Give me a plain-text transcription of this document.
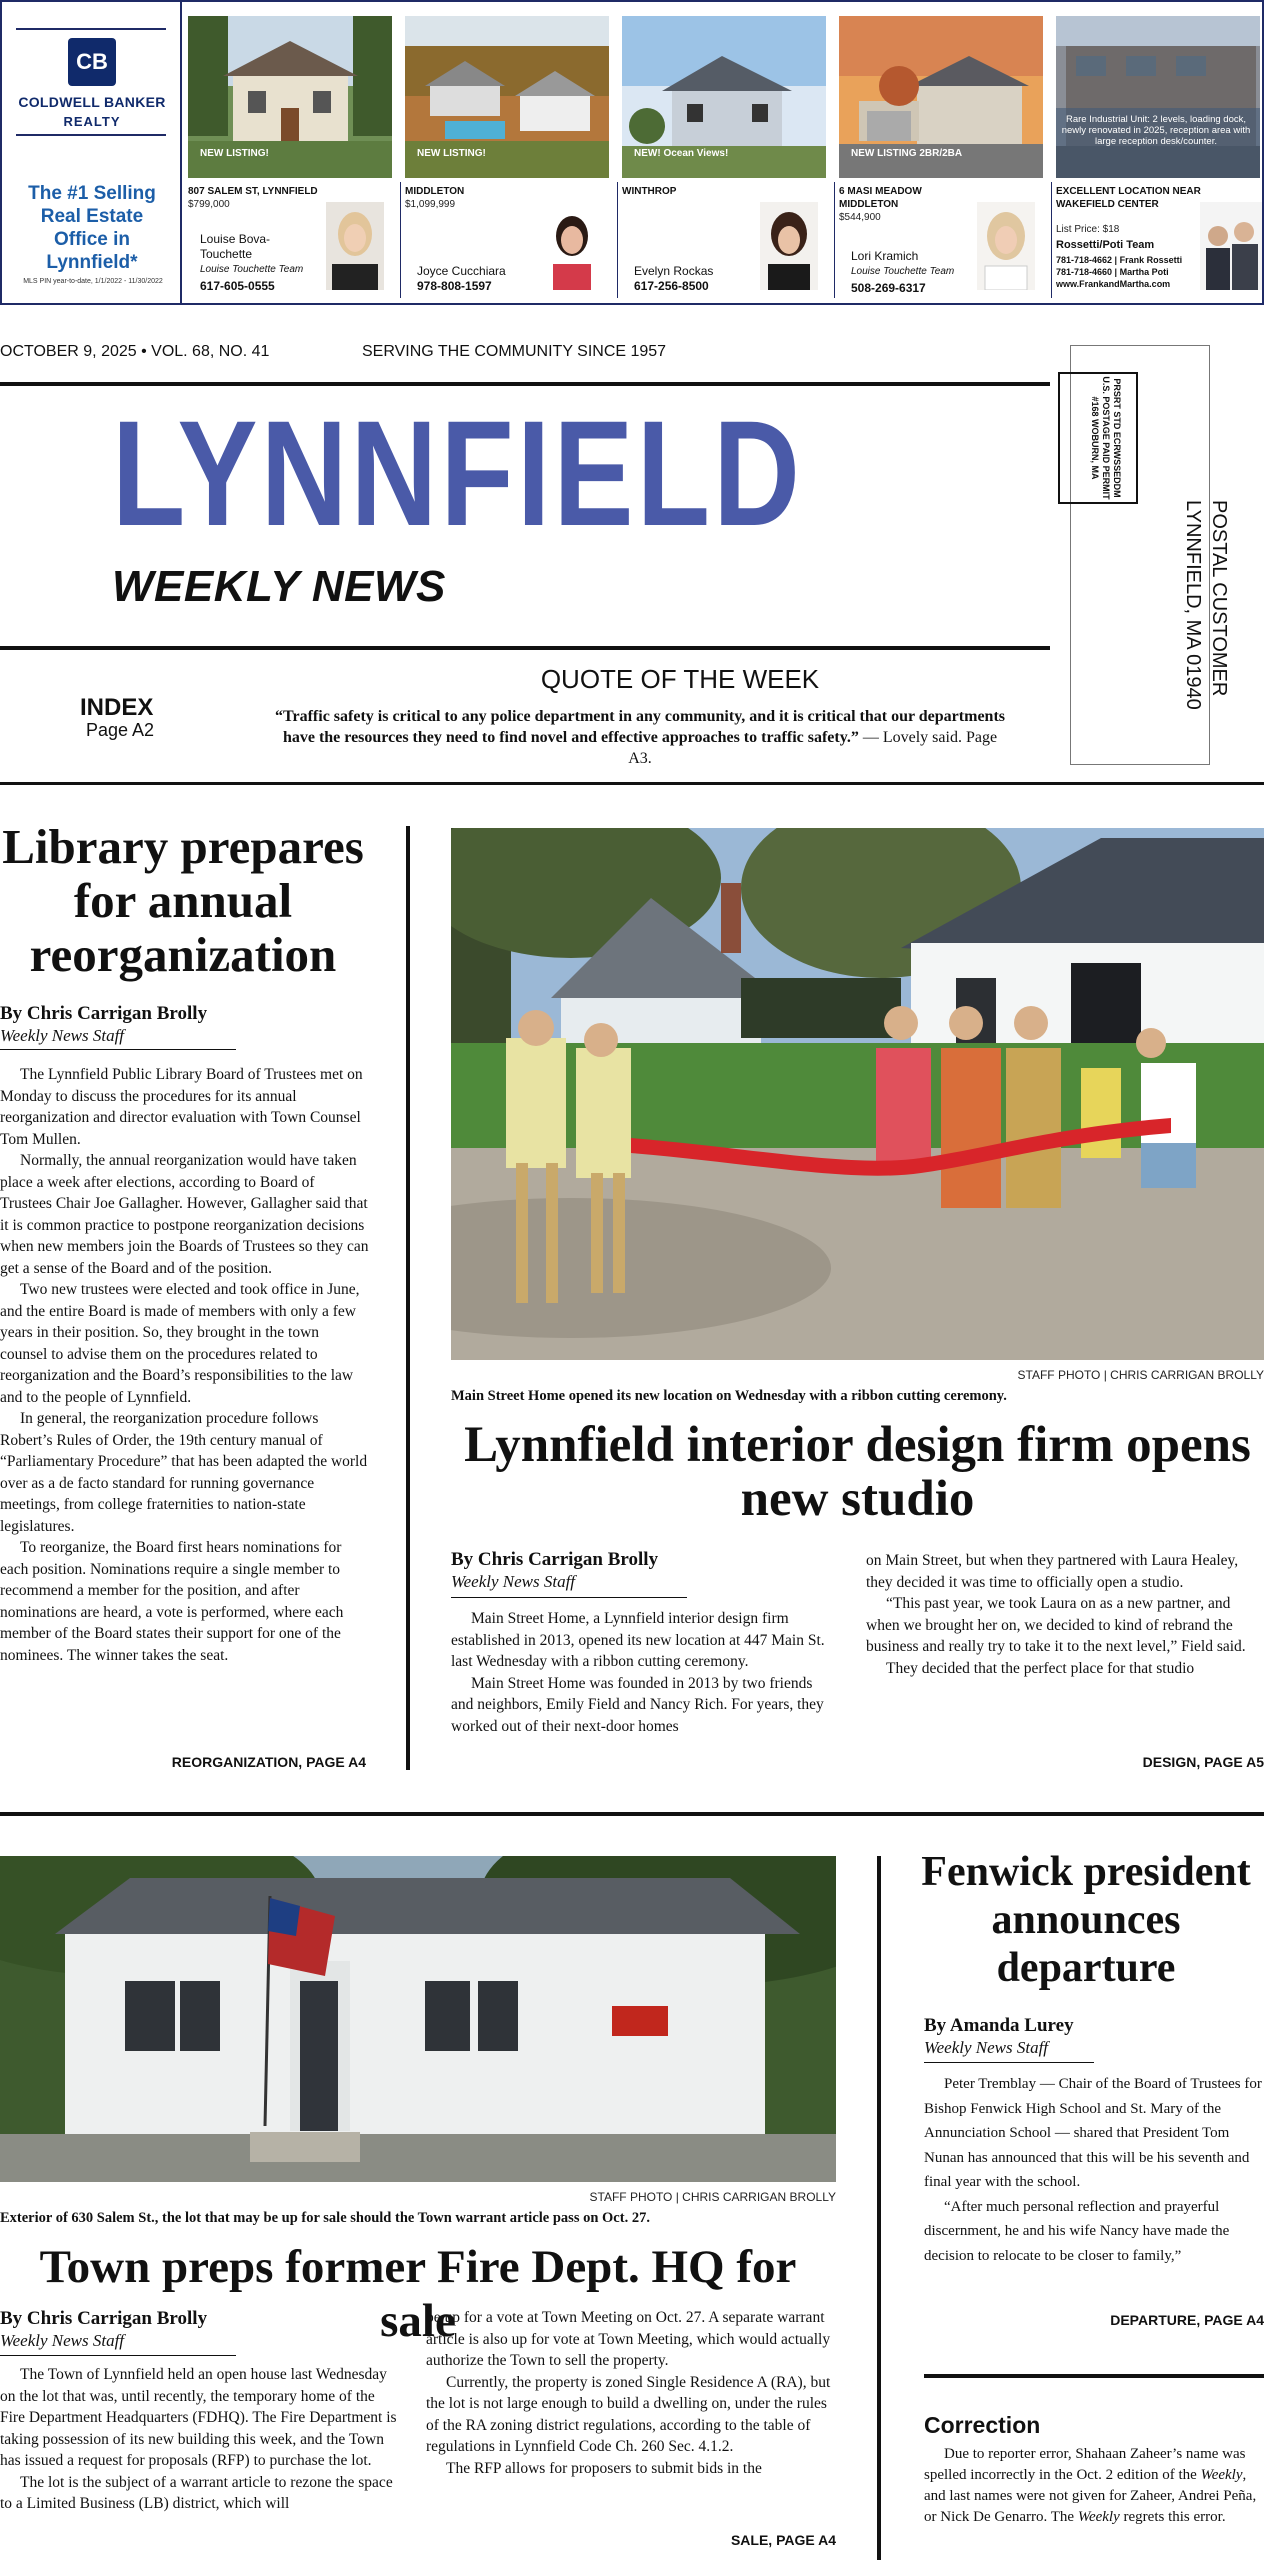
CB
COLDWELL BANKER
REALTY
The #1 Selling Real Estate Office in Lynnfield*
MLS PIN year-to-date, 1/1/2022 - 11/30/2022
NEW LISTING!
807 SALEM ST, LYNNFIELD
$799,000
Louise Bova-Touchette
Louise Touchette Team
617-605-0555
NEW LISTING!
MIDDLETON
$1,099,999
Joyce Cucchiara
978-808-1597
NEW! Ocean Views!
WINTHROP
Evelyn Rockas
617-256-8500
NEW LISTING 2BR/2BA
6 MASI MEADOW MIDDLETON
$544,900
Lori Kramich
Louise Touchette Team
508-269-6317
Rare Industrial Unit: 2 levels, loading dock, newly renovated in 2025, reception area with large reception desk/counter.
EXCELLENT LOCATION NEAR WAKEFIELD CENTER
List Price: $18
Rossetti/Poti Team
781-718-4662 | Frank Rossetti 781-718-4660 | Martha Poti www.FrankandMartha.com
OCTOBER 9, 2025 • VOL. 68, NO. 41	SERVING THE COMMUNITY SINCE 1957
LYNNFIELD
WEEKLY NEWS
INDEX
Page A2
QUOTE OF THE WEEK
“Traffic safety is critical to any police department in any community, and it is critical that our departments have the resources they need to find novel and effective approaches to traffic safety.” — Lovely said. Page A3.
PRSRT STD ECRWSSEDDM U.S. POSTAGE PAID PERMIT #168 WOBURN, MA
POSTAL CUSTOMER
LYNNFIELD, MA 01940
Library prepares for annual reorganization
By Chris Carrigan Brolly
Weekly News Staff

The Lynnfield Public Library Board of Trustees met on Monday to discuss the procedures for its annual reorganization and director evaluation with Town Counsel Tom Mullen.

Normally, the annual reorganization would have taken place a week after elections, according to Board of Trustees Chair Joe Gallagher. However, Gallagher said that it is common practice to postpone reorganization decisions when new members join the Boards of Trustees so they can get a sense of the Board and of the position.

Two new trustees were elected and took office in June, and the entire Board is made of members with only a few years in their position. So, they brought in the town counsel to advise them on the procedures related to reorganization and the Board’s responsibilities to the law and to the people of Lynnfield.

In general, the reorganization procedure follows Robert’s Rules of Order, the 19th century manual of “Parliamentary Procedure” that has been adapted the world over as a de facto standard for running governance meetings, from college fraternities to nation-state legislatures.

To reorganize, the Board first hears nominations for each position. Nominations require a single member to recommend a member for the position, and after nominations are heard, a vote is performed, where each member of the Board states their support for one of the nominees. The winner takes the seat.

REORGANIZATION, PAGE A4
STAFF PHOTO | CHRIS CARRIGAN BROLLY
Main Street Home opened its new location on Wednesday with a ribbon cutting ceremony.
Lynnfield interior design firm opens new studio
By Chris Carrigan Brolly
Weekly News Staff

Main Street Home, a Lynnfield interior design firm established in 2013, opened its new location at 447 Main St. last Wednesday with a ribbon cutting ceremony.

Main Street Home was founded in 2013 by two friends and neighbors, Emily Field and Nancy Rich. For years, they worked out of their next-door homes

on Main Street, but when they partnered with Laura Healey, they decided it was time to officially open a studio.

“This past year, we took Laura on as a new partner, and when we brought her on, we decided to kind of rebrand the business and really try to take it to the next level,” Field said.

They decided that the perfect place for that studio

DESIGN, PAGE A5
STAFF PHOTO | CHRIS CARRIGAN BROLLY
Exterior of 630 Salem St., the lot that may be up for sale should the Town warrant article pass on Oct. 27.
Town preps former Fire Dept. HQ for sale
By Chris Carrigan Brolly
Weekly News Staff

The Town of Lynnfield held an open house last Wednesday on the lot that was, until recently, the temporary home of the Fire Department Headquarters (FDHQ). The Fire Department is taking possession of its new building this week, and the Town has issued a request for proposals (RFP) to purchase the lot.

The lot is the subject of a warrant article to rezone the space to a Limited Business (LB) district, which will

be up for a vote at Town Meeting on Oct. 27. A separate warrant article is also up for vote at Town Meeting, which would actually authorize the Town to sell the property.

Currently, the property is zoned Single Residence A (RA), but the lot is not large enough to build a dwelling on, under the rules of the RA zoning district regulations, according to the table of regulations in Lynnfield Code Ch. 260 Sec. 4.1.2.

The RFP allows for proposers to submit bids in the

SALE, PAGE A4
Fenwick president announces departure
By Amanda Lurey
Weekly News Staff

Peter Tremblay — Chair of the Board of Trustees for Bishop Fenwick High School and St. Mary of the Annunciation School — shared that President Tom Nunan has announced that this will be his seventh and final year with the school.

“After much personal reflection and prayerful discernment, he and his wife Nancy have made the decision to relocate to be closer to family,”

DEPARTURE, PAGE A4
Correction

Due to reporter error, Shahaan Zaheer’s name was spelled incorrectly in the Oct. 2 edition of the Weekly, and last names were not given for Zaheer, Andrei Peña, or Nick De Genarro. The Weekly regrets this error.
